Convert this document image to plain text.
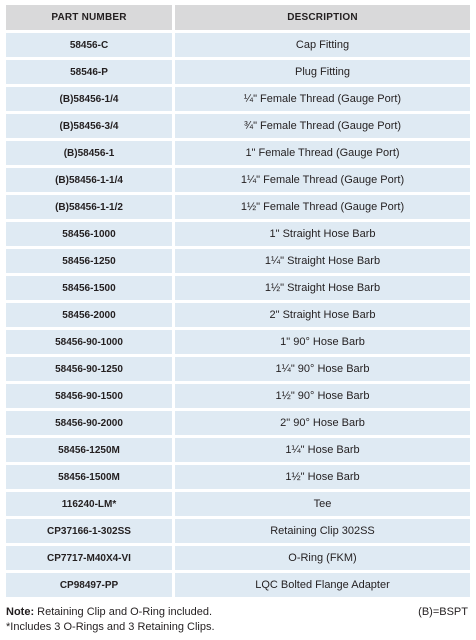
PART NUMBER	DESCRIPTION
58456-C	Cap Fitting
58546-P	Plug Fitting
(B)58456-1/4	¼" Female Thread (Gauge Port)
(B)58456-3/4	¾" Female Thread (Gauge Port)
(B)58456-1	1" Female Thread (Gauge Port)
(B)58456-1-1/4	1¼" Female Thread (Gauge Port)
(B)58456-1-1/2	1½" Female Thread (Gauge Port)
58456-1000	1" Straight Hose Barb
58456-1250	1¼" Straight Hose Barb
58456-1500	1½" Straight Hose Barb
58456-2000	2" Straight Hose Barb
58456-90-1000	1" 90° Hose Barb
58456-90-1250	1¼" 90° Hose Barb
58456-90-1500	1½" 90° Hose Barb
58456-90-2000	2" 90° Hose Barb
58456-1250M	1¼" Hose Barb
58456-1500M	1½" Hose Barb
116240-LM*	Tee
CP37166-1-302SS	Retaining Clip 302SS
CP7717-M40X4-VI	O-Ring (FKM)
CP98497-PP	LQC Bolted Flange Adapter
Note: Retaining Clip and O-Ring included.
*Includes 3 O-Rings and 3 Retaining Clips.
(B)=BSPT
